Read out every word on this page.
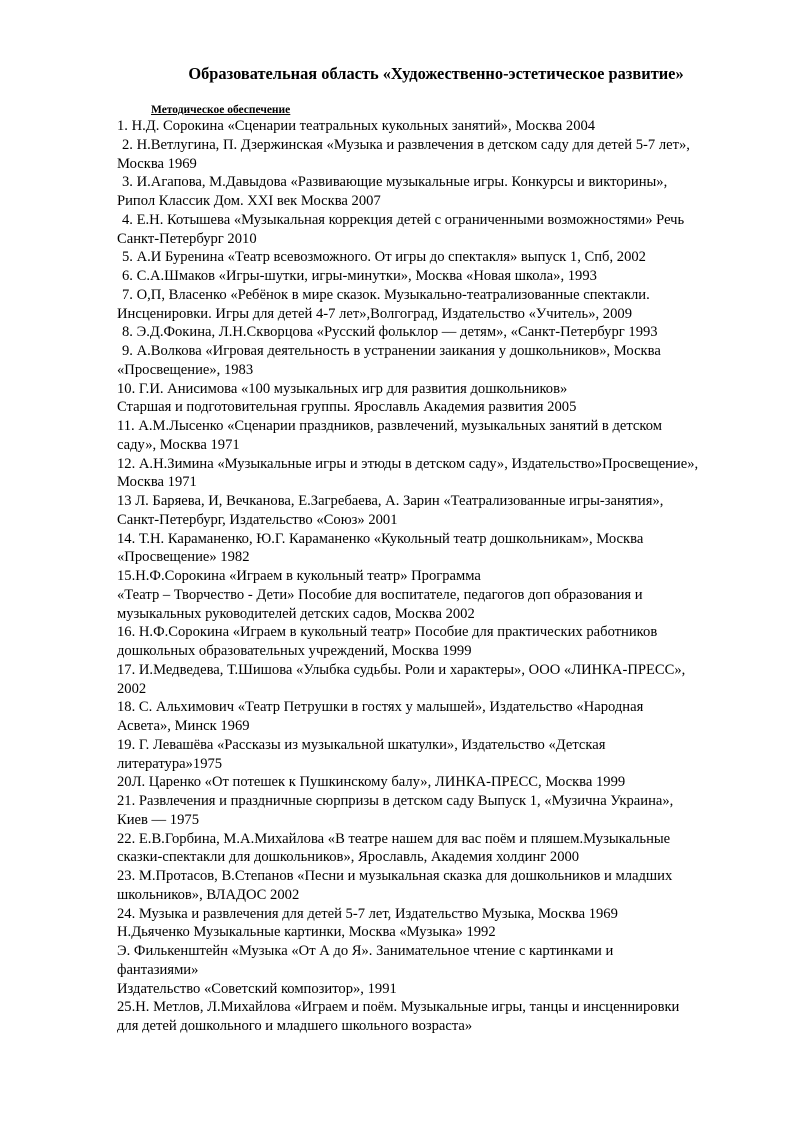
Образовательная область «Художественно-эстетическое развитие»
Методическое обеспечение
1. Н.Д. Сорокина «Сценарии театральных кукольных занятий», Москва 2004
2. Н.Ветлугина, П. Дзержинская «Музыка и развлечения в детском саду для детей 5-7 лет»,
Москва 1969
3. И.Агапова, М.Давыдова «Развивающие музыкальные игры. Конкурсы и викторины»,
Рипол Классик Дом. XXI век Москва 2007
4. Е.Н. Котышева «Музыкальная коррекция детей с ограниченными возможностями» Речь
Санкт-Петербург 2010
5. А.И Буренина «Театр всевозможного. От игры до спектакля» выпуск 1, Спб, 2002
6. С.А.Шмаков «Игры-шутки, игры-минутки», Москва «Новая школа», 1993
7. О,П, Власенко «Ребёнок в мире сказок. Музыкально-театрализованные спектакли.
Инсценировки. Игры для детей 4-7 лет»,Волгоград, Издательство «Учитель», 2009
8. Э.Д.Фокина, Л.Н.Скворцова «Русский фольклор — детям», «Санкт-Петербург 1993
9. А.Волкова «Игровая деятельность в устранении заикания у дошкольников», Москва
«Просвещение», 1983
10. Г.И. Анисимова «100 музыкальных игр для развития дошкольников»
Старшая и подготовительная группы. Ярославль Академия развития 2005
11. А.М.Лысенко «Сценарии праздников, развлечений, музыкальных занятий в детском
саду», Москва 1971
12. А.Н.Зимина «Музыкальные игры и этюды в детском саду», Издательство»Просвещение»,
Москва 1971
13 Л. Баряева, И, Вечканова, Е.Загребаева, А. Зарин «Театрализованные игры-занятия»,
Санкт-Петербург, Издательство «Союз» 2001
14. Т.Н. Караманенко, Ю.Г. Караманенко «Кукольный театр дошкольникам», Москва
«Просвещение» 1982
15.Н.Ф.Сорокина «Играем в кукольный театр» Программа
«Театр – Творчество - Дети» Пособие для воспитателе, педагогов доп образования и
музыкальных руководителей детских садов, Москва 2002
16. Н.Ф.Сорокина «Играем в кукольный театр» Пособие для практических работников
дошкольных образовательных учреждений, Москва 1999
17. И.Медведева, Т.Шишова «Улыбка судьбы. Роли и характеры», ООО «ЛИНКА-ПРЕСС»,
2002
18. С. Альхимович «Театр Петрушки в гостях у малышей», Издательство «Народная
Асвета», Минск 1969
19. Г. Левашёва «Рассказы из музыкальной шкатулки», Издательство «Детская
литература»1975
20Л. Царенко «От потешек к Пушкинскому балу», ЛИНКА-ПРЕСС, Москва 1999
21. Развлечения и праздничные сюрпризы в детском саду Выпуск 1, «Музична Украина»,
Киев — 1975
22. Е.В.Горбина, М.А.Михайлова «В театре нашем для вас поём и пляшем.Музыкальные
сказки-спектакли для дошкольников», Ярославль, Академия холдинг 2000
23. М.Протасов, В.Степанов «Песни и музыкальная сказка для дошкольников и младших
школьников», ВЛАДОС 2002
24. Музыка и развлечения для детей 5-7 лет, Издательство Музыка, Москва 1969
Н.Дьяченко Музыкальные картинки, Москва «Музыка» 1992
Э. Филькенштейн «Музыка «От А до Я». Занимательное чтение с картинками и
фантазиями»
Издательство «Советский композитор», 1991
25.Н. Метлов, Л.Михайлова «Играем и поём. Музыкальные игры, танцы и инсценнировки
для детей дошкольного и младшего школьного возраста»
